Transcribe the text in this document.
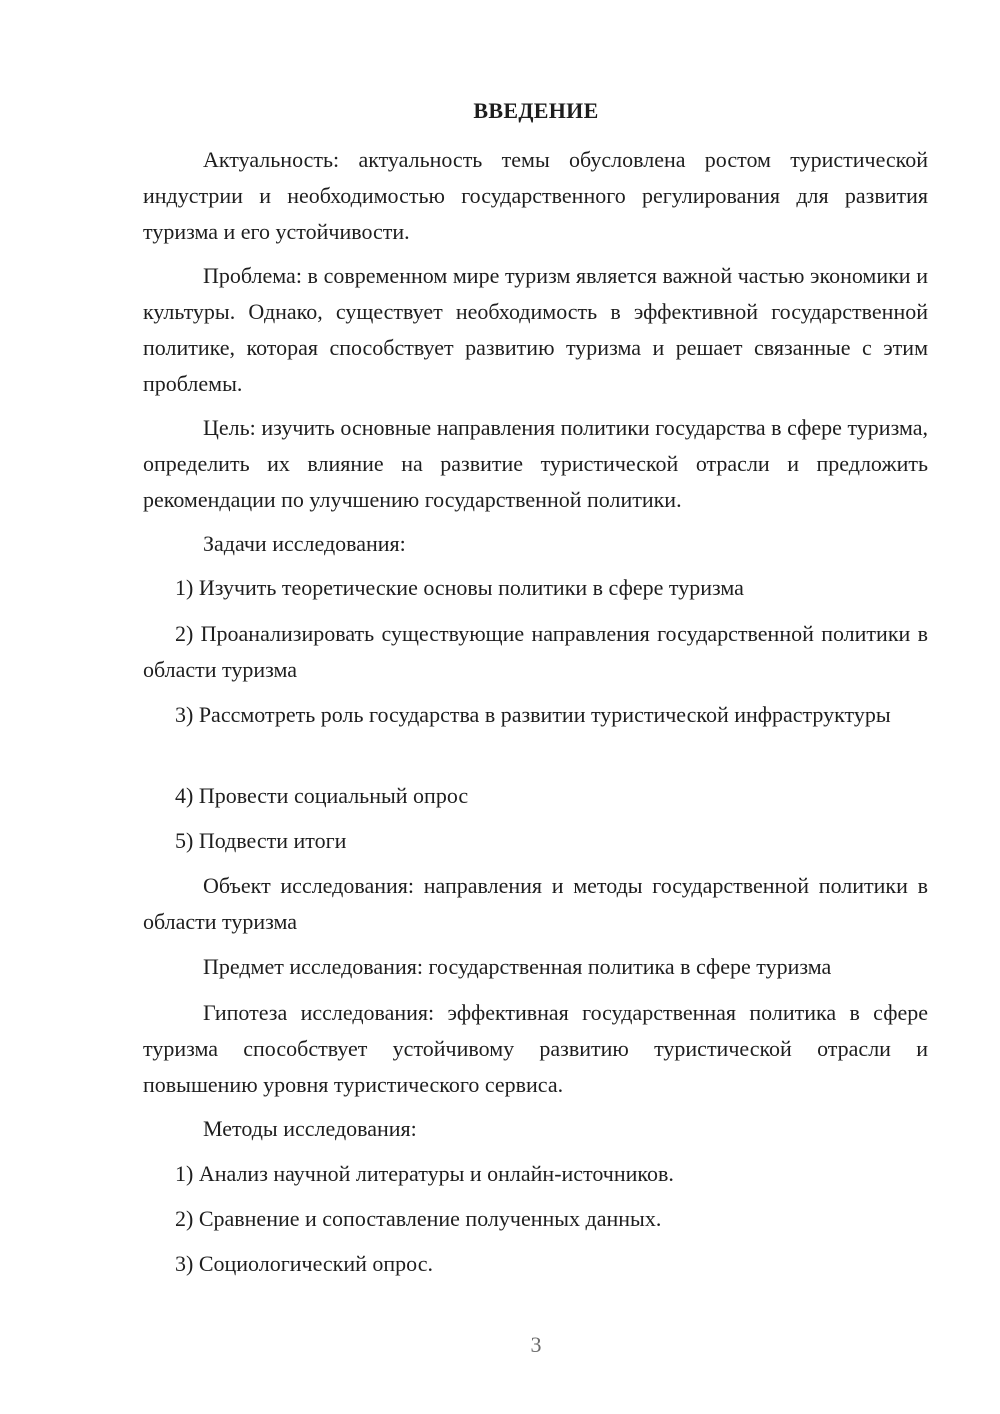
ВВЕДЕНИЕ

Актуальность: актуальность темы обусловлена ростом туристической индустрии и необходимостью государственного регулирования для развития туризма и его устойчивости.

Проблема: в современном мире туризм является важной частью экономики и культуры. Однако, существует необходимость в эффективной государственной политике, которая способствует развитию туризма и решает связанные с этим проблемы.

Цель: изучить основные направления политики государства в сфере туризма, определить их влияние на развитие туристической отрасли и предложить рекомендации по улучшению государственной политики.

Задачи исследования:

1) Изучить теоретические основы политики в сфере туризма

2) Проанализировать существующие направления государственной политики в области туризма

3) Рассмотреть роль государства в развитии туристической инфраструктуры

4) Провести социальный опрос

5) Подвести итоги

Объект исследования: направления и методы государственной политики в области туризма

Предмет исследования: государственная политика в сфере туризма

Гипотеза исследования: эффективная государственная политика в сфере туризма способствует устойчивому развитию туристической отрасли и повышению уровня туристического сервиса.

Методы исследования:

1) Анализ научной литературы и онлайн-источников.

2) Сравнение и сопоставление полученных данных.

3) Социологический опрос.

3
